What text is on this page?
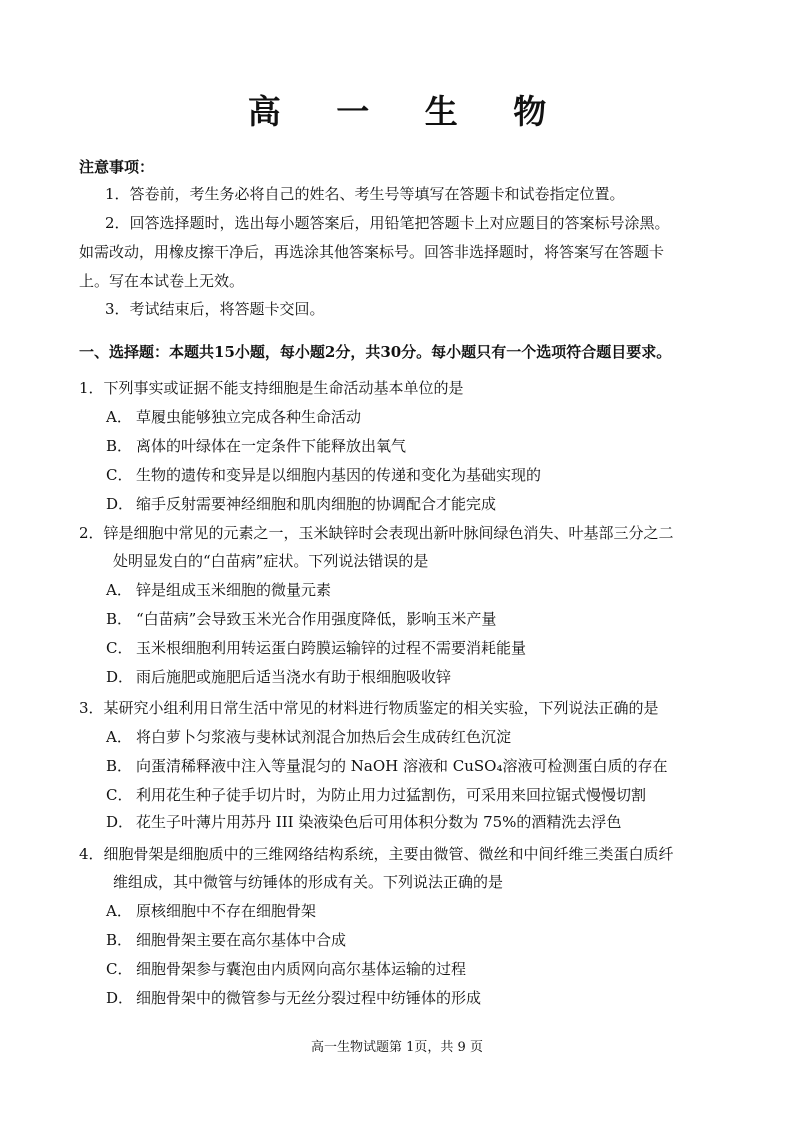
高 一 生 物
注意事项：
1．答卷前，考生务必将自己的姓名、考生号等填写在答题卡和试卷指定位置。
2．回答选择题时，选出每小题答案后，用铅笔把答题卡上对应题目的答案标号涂黑。
如需改动，用橡皮擦干净后，再选涂其他答案标号。回答非选择题时，将答案写在答题卡
上。写在本试卷上无效。
3．考试结束后，将答题卡交回。
一、选择题：本题共15小题，每小题2分，共30分。每小题只有一个选项符合题目要求。
1．下列事实或证据不能支持细胞是生命活动基本单位的是
A． 草履虫能够独立完成各种生命活动
B． 离体的叶绿体在一定条件下能释放出氧气
C． 生物的遗传和变异是以细胞内基因的传递和变化为基础实现的
D． 缩手反射需要神经细胞和肌肉细胞的协调配合才能完成
2．锌是细胞中常见的元素之一，玉米缺锌时会表现出新叶脉间绿色消失、叶基部三分之二
处明显发白的“白苗病”症状。下列说法错误的是
A． 锌是组成玉米细胞的微量元素
B． “白苗病”会导致玉米光合作用强度降低，影响玉米产量
C． 玉米根细胞利用转运蛋白跨膜运输锌的过程不需要消耗能量
D． 雨后施肥或施肥后适当浇水有助于根细胞吸收锌
3．某研究小组利用日常生活中常见的材料进行物质鉴定的相关实验，下列说法正确的是
A． 将白萝卜匀浆液与斐林试剂混合加热后会生成砖红色沉淀
B． 向蛋清稀释液中注入等量混匀的 NaOH 溶液和 CuSO₄溶液可检测蛋白质的存在
C． 利用花生种子徒手切片时，为防止用力过猛割伤，可采用来回拉锯式慢慢切割
D． 花生子叶薄片用苏丹 III 染液染色后可用体积分数为 75%的酒精洗去浮色
4．细胞骨架是细胞质中的三维网络结构系统，主要由微管、微丝和中间纤维三类蛋白质纤
维组成，其中微管与纺锤体的形成有关。下列说法正确的是
A． 原核细胞中不存在细胞骨架
B． 细胞骨架主要在高尔基体中合成
C． 细胞骨架参与囊泡由内质网向高尔基体运输的过程
D． 细胞骨架中的微管参与无丝分裂过程中纺锤体的形成
高一生物试题第 1页，共 9 页
